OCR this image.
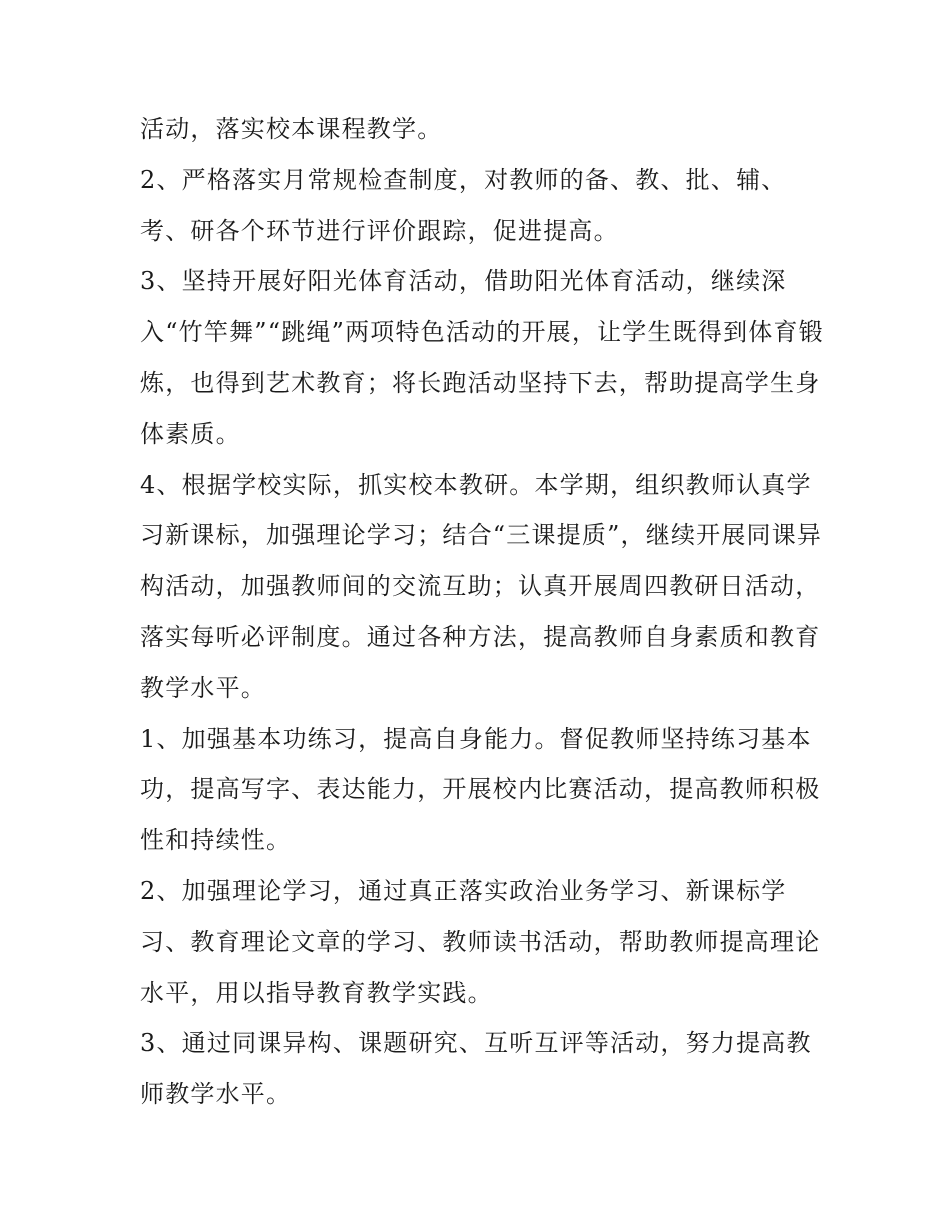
活动，落实校本课程教学。
2、严格落实月常规检查制度，对教师的备、教、批、辅、
考、研各个环节进行评价跟踪，促进提高。
3、坚持开展好阳光体育活动，借助阳光体育活动，继续深
入“竹竿舞”“跳绳”两项特色活动的开展，让学生既得到体育锻
炼，也得到艺术教育；将长跑活动坚持下去，帮助提高学生身
体素质。
4、根据学校实际，抓实校本教研。本学期，组织教师认真学
习新课标，加强理论学习；结合“三课提质”，继续开展同课异
构活动，加强教师间的交流互助；认真开展周四教研日活动，
落实每听必评制度。通过各种方法，提高教师自身素质和教育
教学水平。
1、加强基本功练习，提高自身能力。督促教师坚持练习基本
功，提高写字、表达能力，开展校内比赛活动，提高教师积极
性和持续性。
2、加强理论学习，通过真正落实政治业务学习、新课标学
习、教育理论文章的学习、教师读书活动，帮助教师提高理论
水平，用以指导教育教学实践。
3、通过同课异构、课题研究、互听互评等活动，努力提高教
师教学水平。
